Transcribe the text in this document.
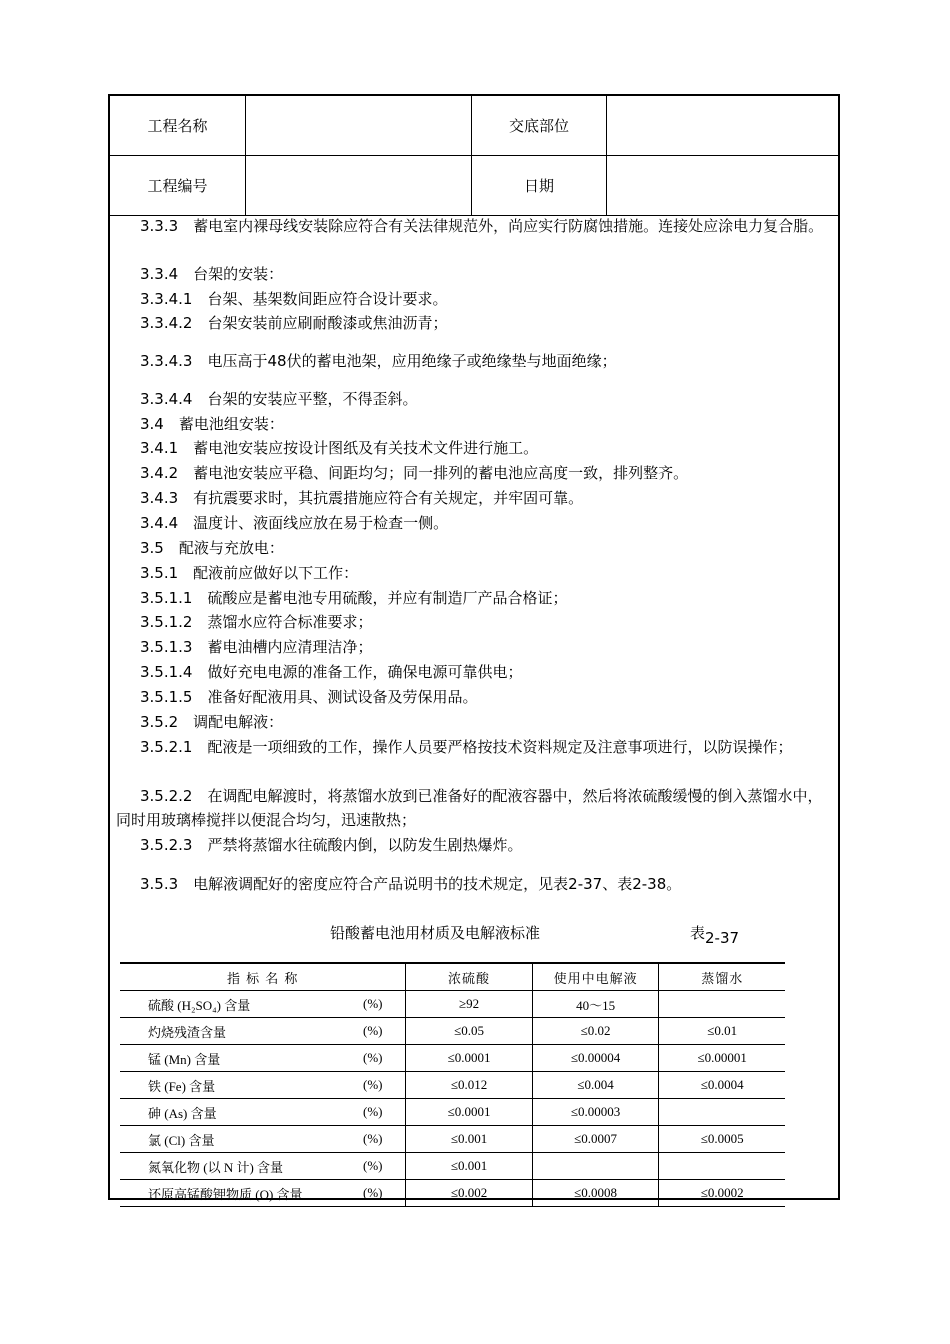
工程名称	交底部位
工程编号	日期
3.3.3　蓄电室内裸母线安装除应符合有关法律规范外，尚应实行防腐蚀措施。连接处应涂电力复合脂。
3.3.4　台架的安装：
3.3.4.1　台架、基架数间距应符合设计要求。
3.3.4.2　台架安装前应刷耐酸漆或焦油沥青；
3.3.4.3　电压高于48伏的蓄电池架，应用绝缘子或绝缘垫与地面绝缘；
3.3.4.4　台架的安装应平整，不得歪斜。
3.4　蓄电池组安装：
3.4.1　蓄电池安装应按设计图纸及有关技术文件进行施工。
3.4.2　蓄电池安装应平稳、间距均匀；同一排列的蓄电池应高度一致，排列整齐。
3.4.3　有抗震要求时，其抗震措施应符合有关规定，并牢固可靠。
3.4.4　温度计、液面线应放在易于检查一侧。
3.5　配液与充放电：
3.5.1　配液前应做好以下工作：
3.5.1.1　硫酸应是蓄电池专用硫酸，并应有制造厂产品合格证；
3.5.1.2　蒸馏水应符合标准要求；
3.5.1.3　蓄电油槽内应清理洁净；
3.5.1.4　做好充电电源的准备工作，确保电源可靠供电；
3.5.1.5　准备好配液用具、测试设备及劳保用品。
3.5.2　调配电解液：
3.5.2.1　配液是一项细致的工作，操作人员要严格按技术资料规定及注意事项进行，以防误操作；
3.5.2.2　在调配电解渡时，将蒸馏水放到已准备好的配液容器中，然后将浓硫酸缓慢的倒入蒸馏水中，同时用玻璃棒搅拌以便混合均匀，迅速散热；
3.5.2.3　严禁将蒸馏水往硫酸内倒，以防发生剧热爆炸。
3.5.3　电解液调配好的密度应符合产品说明书的技术规定，见表2-37、表2-38。
铅酸蓄电池用材质及电解液标准	表2-37
指 标 名 称	浓硫酸	使用中电解液	蒸馏水
硫酸 (H₂SO₄) 含量 (%)	≥92	40～15	
灼烧残渣含量 (%)	≤0.05	≤0.02	≤0.01
锰 (Mn) 含量 (%)	≤0.0001	≤0.00004	≤0.00001
铁 (Fe) 含量 (%)	≤0.012	≤0.004	≤0.0004
砷 (As) 含量 (%)	≤0.0001	≤0.00003	
氯 (Cl) 含量 (%)	≤0.001	≤0.0007	≤0.0005
氮氧化物 (以 N 计) 含量 (%)	≤0.001		
还原高锰酸钾物质 (O) 含量 (%)	≤0.002	≤0.0008	≤0.0002
